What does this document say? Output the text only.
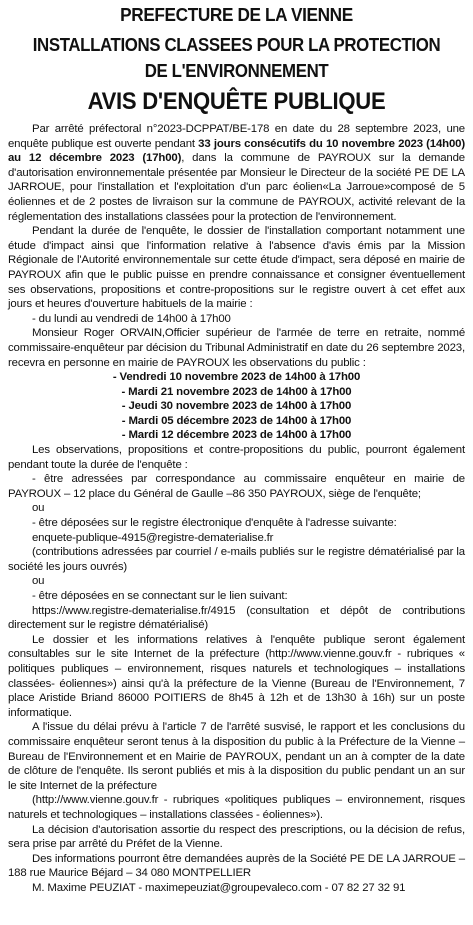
PREFECTURE DE LA VIENNE
INSTALLATIONS CLASSEES POUR LA PROTECTION DE L'ENVIRONNEMENT
AVIS D'ENQUÊTE PUBLIQUE

Par arrêté préfectoral n°2023-DCPPAT/BE-178 en date du 28 septembre 2023, une enquête publique est ouverte pendant 33 jours consécutifs du 10 novembre 2023 (14h00) au 12 décembre 2023 (17h00), dans la commune de PAYROUX sur la demande d'autorisation environnementale présentée par Monsieur le Directeur de la société PE DE LA JARROUE, pour l'installation et l'exploitation d'un parc éolien«La Jarroue»composé de 5 éoliennes et de 2 postes de livraison sur la commune de PAYROUX, activité relevant de la réglementation des installations classées pour la protection de l'environnement.

Pendant la durée de l'enquête, le dossier de l'installation comportant notamment une étude d'impact ainsi que l'information relative à l'absence d'avis émis par la Mission Régionale de l'Autorité environnementale sur cette étude d'impact, sera déposé en mairie de PAYROUX afin que le public puisse en prendre connaissance et consigner éventuellement ses observations, propositions et contre-propositions sur le registre ouvert à cet effet aux jours et heures d'ouverture habituels de la mairie :

- du lundi au vendredi de 14h00 à 17h00

Monsieur Roger ORVAIN,Officier supérieur de l'armée de terre en retraite, nommé commissaire-enquêteur par décision du Tribunal Administratif en date du 26 septembre 2023, recevra en personne en mairie de PAYROUX les observations du public :

- Vendredi 10 novembre 2023 de 14h00 à 17h00
- Mardi 21 novembre 2023 de 14h00 à 17h00
- Jeudi 30 novembre 2023 de 14h00 à 17h00
- Mardi 05 décembre 2023 de 14h00 à 17h00
- Mardi 12 décembre 2023 de 14h00 à 17h00

Les observations, propositions et contre-propositions du public, pourront également pendant toute la durée de l'enquête :

- être adressées par correspondance au commissaire enquêteur en mairie de PAYROUX – 12 place du Général de Gaulle –86 350 PAYROUX, siège de l'enquête;

ou

- être déposées sur le registre électronique d'enquête à l'adresse suivante:

enquete-publique-4915@registre-dematerialise.fr

(contributions adressées par courriel / e-mails publiés sur le registre dématérialisé par la société les jours ouvrés)

ou

- être déposées en se connectant sur le lien suivant:

https://www.registre-dematerialise.fr/4915 (consultation et dépôt de contributions directement sur le registre dématérialisé)

Le dossier et les informations relatives à l'enquête publique seront également consultables sur le site Internet de la préfecture (http://www.vienne.gouv.fr - rubriques « politiques publiques – environnement, risques naturels et technologiques – installations classées- éoliennes») ainsi qu'à la préfecture de la Vienne (Bureau de l'Environnement, 7 place Aristide Briand 86000 POITIERS de 8h45 à 12h et de 13h30 à 16h) sur un poste informatique.

A l'issue du délai prévu à l'article 7 de l'arrêté susvisé, le rapport et les conclusions du commissaire enquêteur seront tenus à la disposition du public à la Préfecture de la Vienne – Bureau de l'Environnement et en Mairie de PAYROUX, pendant un an à compter de la date de clôture de l'enquête. Ils seront publiés et mis à la disposition du public pendant un an sur le site Internet de la préfecture

(http://www.vienne.gouv.fr - rubriques «politiques publiques – environnement, risques naturels et technologiques – installations classées - éoliennes»).

La décision d'autorisation assortie du respect des prescriptions, ou la décision de refus, sera prise par arrêté du Préfet de la Vienne.

Des informations pourront être demandées auprès de la Société PE DE LA JARROUE – 188 rue Maurice Béjard – 34 080 MONTPELLIER

M. Maxime PEUZIAT - maximepeuziat@groupevaleco.com - 07 82 27 32 91
